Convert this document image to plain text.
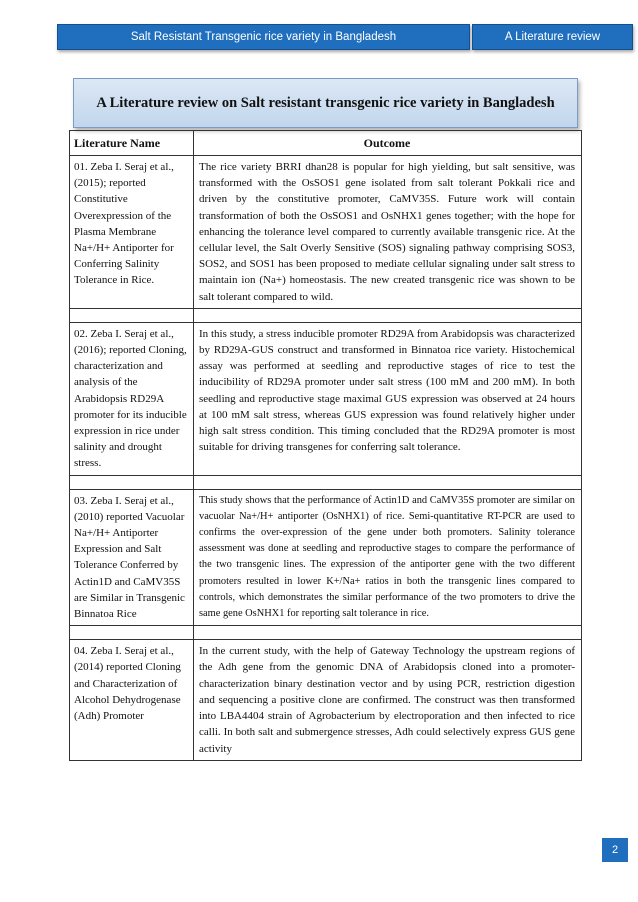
Salt Resistant Transgenic rice variety in Bangladesh	A Literature review
A Literature review on Salt resistant transgenic rice variety in Bangladesh
Literature Name	Outcome
01. Zeba I. Seraj et al., (2015); reported Constitutive Overexpression of the Plasma Membrane Na+/H+ Antiporter for Conferring Salinity Tolerance in Rice.
The rice variety BRRI dhan28 is popular for high yielding, but salt sensitive, was transformed with the OsSOS1 gene isolated from salt tolerant Pokkali rice and driven by the constitutive promoter, CaMV35S. Future work will contain transformation of both the OsSOS1 and OsNHX1 genes together; with the hope for enhancing the tolerance level compared to currently available transgenic rice. At the cellular level, the Salt Overly Sensitive (SOS) signaling pathway comprising SOS3, SOS2, and SOS1 has been proposed to mediate cellular signaling under salt stress to maintain ion (Na+) homeostasis. The new created transgenic rice was shown to be salt tolerant compared to wild.
02. Zeba I. Seraj et al., (2016); reported Cloning, characterization and analysis of the Arabidopsis RD29A promoter for its inducible expression in rice under salinity and drought stress.
In this study, a stress inducible promoter RD29A from Arabidopsis was characterized by RD29A-GUS construct and transformed in Binnatoa rice variety. Histochemical assay was performed at seedling and reproductive stages of rice to test the inducibility of RD29A promoter under salt stress (100 mM and 200 mM). In both seedling and reproductive stage maximal GUS expression was observed at 24 hours at 100 mM salt stress, whereas GUS expression was found relatively higher under high salt stress condition. This timing concluded that the RD29A promoter is most suitable for driving transgenes for conferring salt tolerance.
03. Zeba I. Seraj et al., (2010) reported Vacuolar Na+/H+ Antiporter Expression and Salt Tolerance Conferred by Actin1D and CaMV35S are Similar in Transgenic Binnatoa Rice
This study shows that the performance of Actin1D and CaMV35S promoter are similar on vacuolar Na+/H+ antiporter (OsNHX1) of rice. Semi-quantitative RT-PCR are used to confirms the over-expression of the gene under both promoters. Salinity tolerance assessment was done at seedling and reproductive stages to compare the performance of the two transgenic lines. The expression of the antiporter gene with the two different promoters resulted in lower K+/Na+ ratios in both the transgenic lines compared to controls, which demonstrates the similar performance of the two promoters to drive the same gene OsNHX1 for reporting salt tolerance in rice.
04. Zeba I. Seraj et al., (2014) reported Cloning and Characterization of Alcohol Dehydrogenase (Adh) Promoter
In the current study, with the help of Gateway Technology the upstream regions of the Adh gene from the genomic DNA of Arabidopsis cloned into a promoter-characterization binary destination vector and by using PCR, restriction digestion and sequencing a positive clone are confirmed. The construct was then transformed into LBA4404 strain of Agrobacterium by electroporation and then infected to rice calli. In both salt and submergence stresses, Adh could selectively express GUS gene activity
2
